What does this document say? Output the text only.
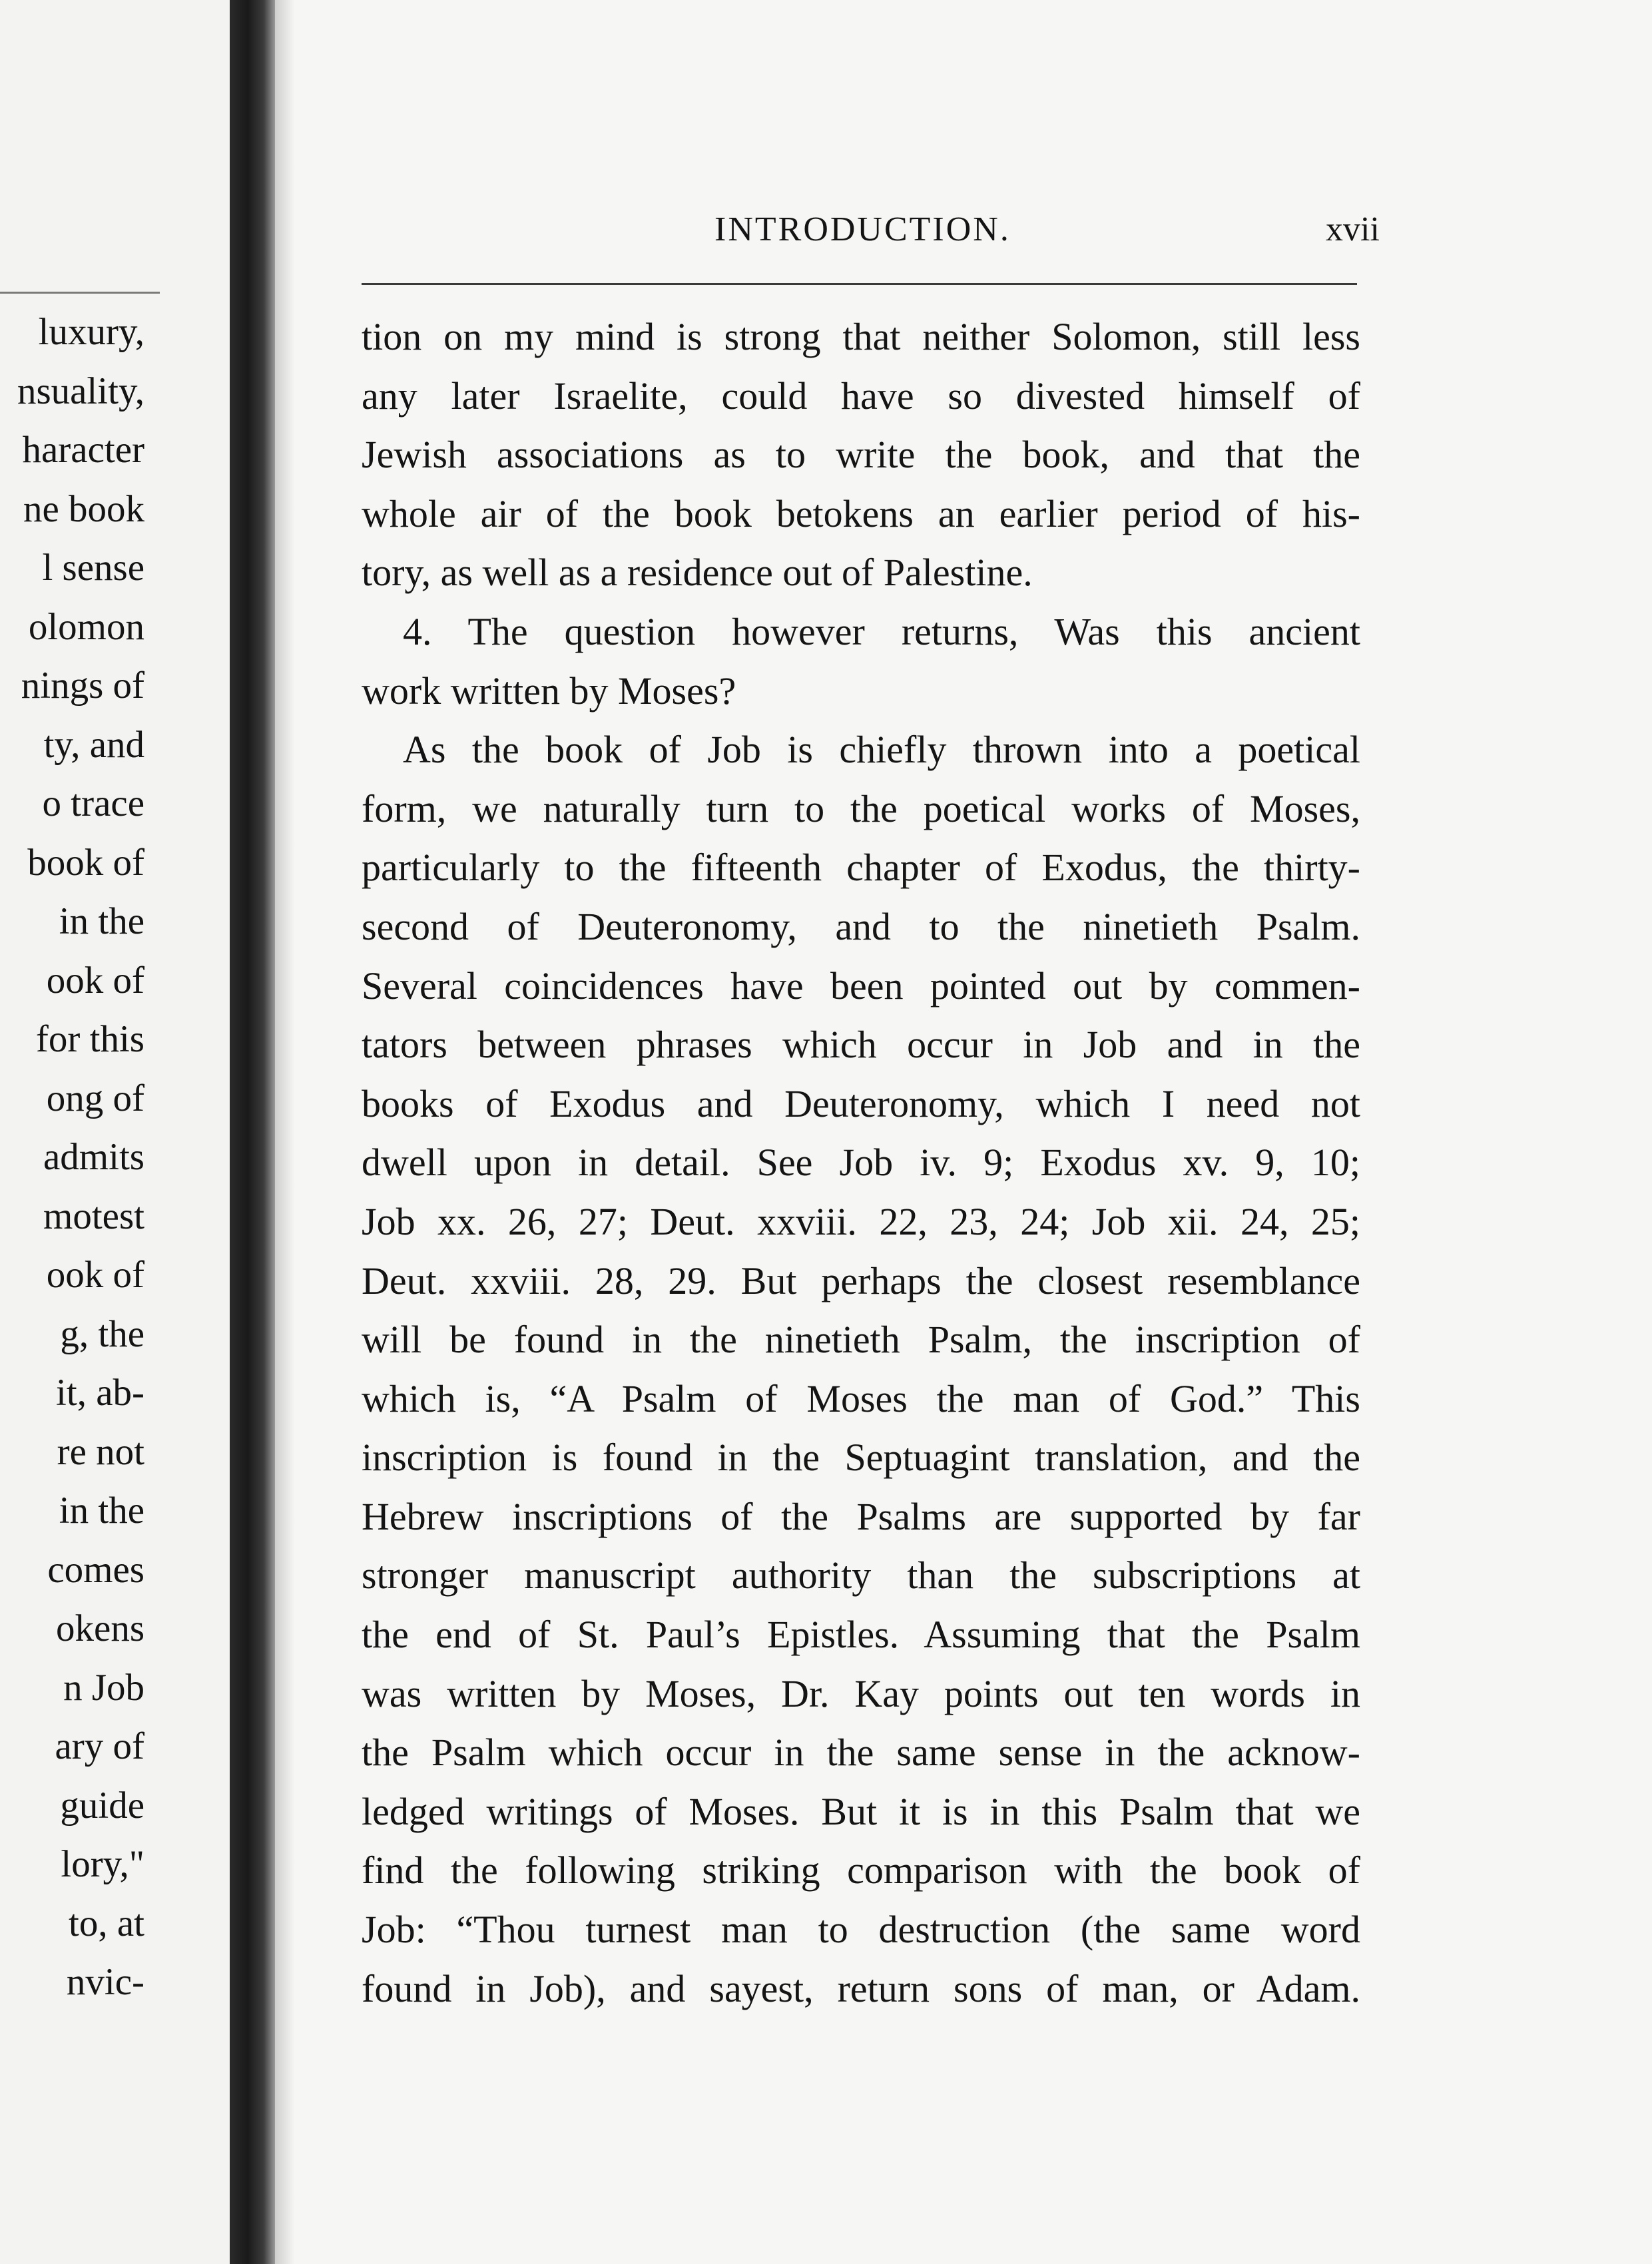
luxury,
nsuality,
haracter
ne book
l sense
olomon
nings of
ty, and
o trace
book of
in the
ook of
for this
ong of
admits
motest
ook of
g, the
it, ab-
re not
in the
comes
okens
n Job
ary of
guide
lory,"
to, at
nvic-
INTRODUCTION.	xvii
tion on my mind is strong that neither Solomon, still less
any later Israelite, could have so divested himself of
Jewish associations as to write the book, and that the
whole air of the book betokens an earlier period of his-
tory, as well as a residence out of Palestine.
4. The question however returns, Was this ancient
work written by Moses?
As the book of Job is chiefly thrown into a poetical
form, we naturally turn to the poetical works of Moses,
particularly to the fifteenth chapter of Exodus, the thirty-
second of Deuteronomy, and to the ninetieth Psalm.
Several coincidences have been pointed out by commen-
tators between phrases which occur in Job and in the
books of Exodus and Deuteronomy, which I need not
dwell upon in detail. See Job iv. 9; Exodus xv. 9, 10;
Job xx. 26, 27; Deut. xxviii. 22, 23, 24; Job xii. 24, 25;
Deut. xxviii. 28, 29. But perhaps the closest resemblance
will be found in the ninetieth Psalm, the inscription of
which is, “A Psalm of Moses the man of God.” This
inscription is found in the Septuagint translation, and the
Hebrew inscriptions of the Psalms are supported by far
stronger manuscript authority than the subscriptions at
the end of St. Paul’s Epistles. Assuming that the Psalm
was written by Moses, Dr. Kay points out ten words in
the Psalm which occur in the same sense in the acknow-
ledged writings of Moses. But it is in this Psalm that we
find the following striking comparison with the book of
Job: “Thou turnest man to destruction (the same word
found in Job), and sayest, return sons of man, or Adam.
